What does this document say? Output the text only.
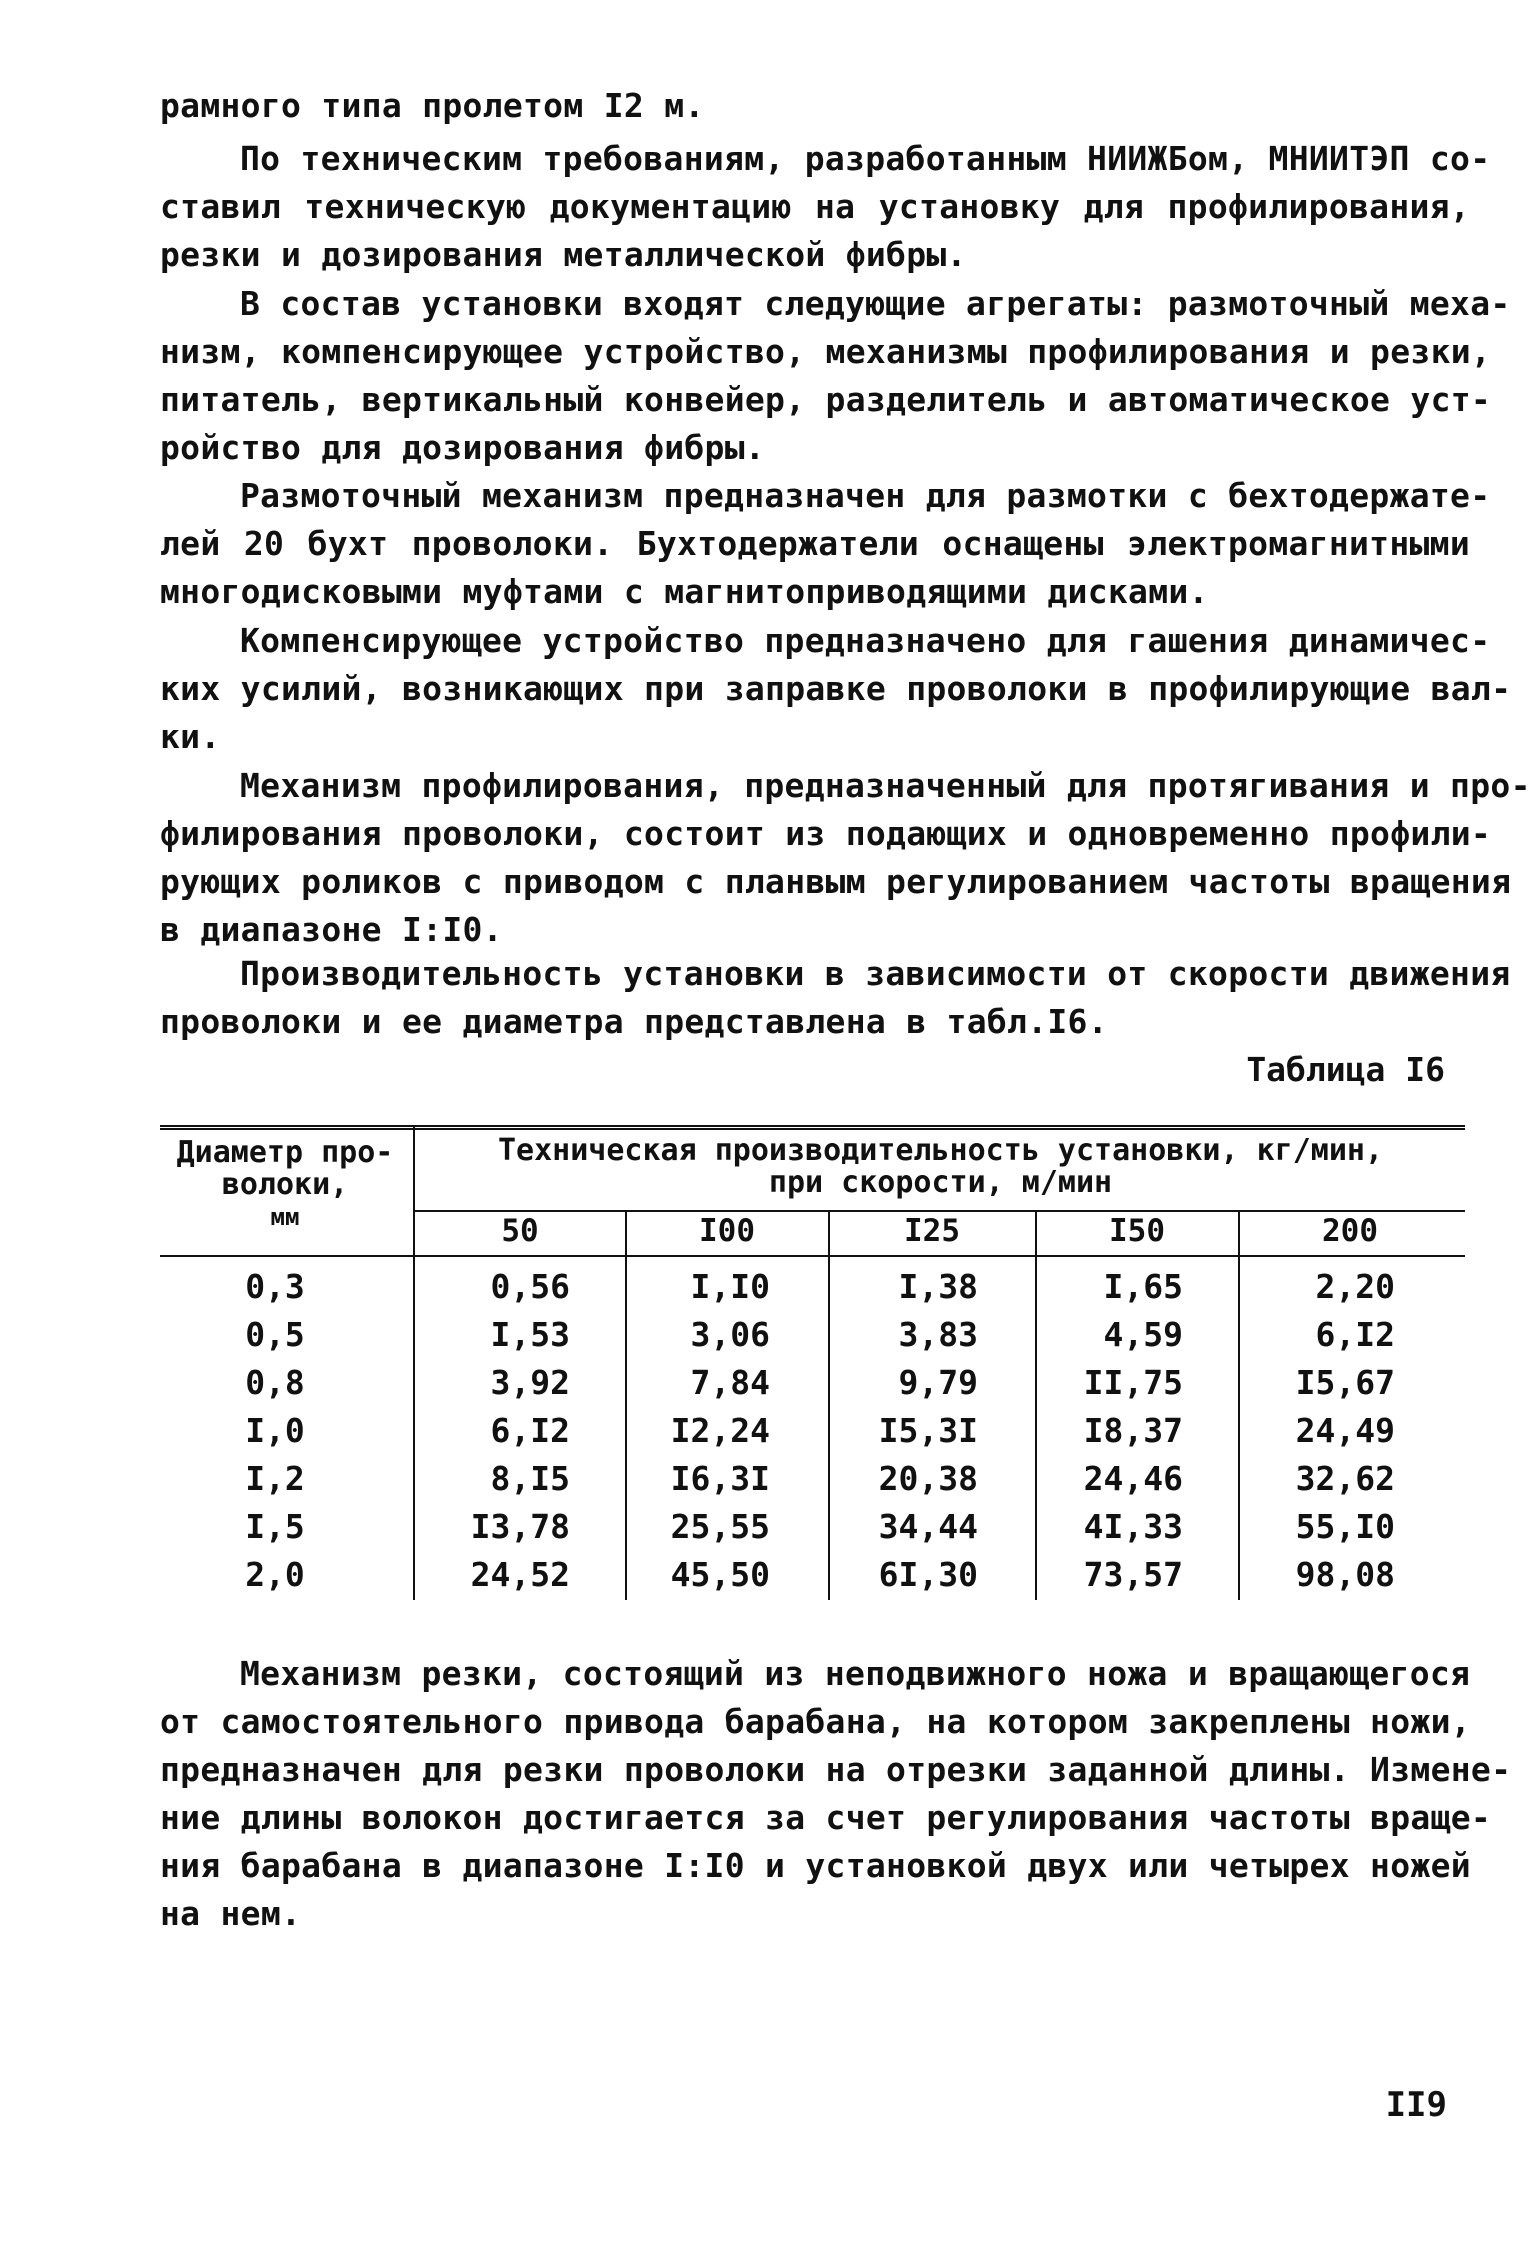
рамного типа пролетом I2 м.
По техническим требованиям, разработанным НИИЖБом, МНИИТЭП со-
ставил техническую документацию на установку для профилирования,
резки и дозирования металлической фибры.
В состав установки входят следующие агрегаты: размоточный меха-
низм, компенсирующее устройство, механизмы профилирования и резки,
питатель, вертикальный конвейер, разделитель и автоматическое уст-
ройство для дозирования фибры.
Размоточный механизм предназначен для размотки с бехтодержате-
лей 20 бухт проволоки. Бухтодержатели оснащены электромагнитными
многодисковыми муфтами с магнитоприводящими дисками.
Компенсирующее устройство предназначено для гашения динамичес-
ких усилий, возникающих при заправке проволоки в профилирующие вал-
ки.
Механизм профилирования, предназначенный для протягивания и про-
филирования проволоки, состоит из подающих и одновременно профили-
рующих роликов с приводом с планвым регулированием частоты вращения
в диапазоне I:I0.
Производительность установки в зависимости от скорости движения
проволоки и ее диаметра представлена в табл.I6.
Таблица I6
Диаметр про-
волоки,
мм
Техническая производительность установки, кг/мин,
при скорости, м/мин
50	I00	I25	I50	200
0,3	0,56	I,I0	I,38	I,65	2,20
0,5	I,53	3,06	3,83	4,59	6,I2
0,8	3,92	7,84	9,79	II,75	I5,67
I,0	6,I2	I2,24	I5,3I	I8,37	24,49
I,2	8,I5	I6,3I	20,38	24,46	32,62
I,5	I3,78	25,55	34,44	4I,33	55,I0
2,0	24,52	45,50	6I,30	73,57	98,08
Механизм резки, состоящий из неподвижного ножа и вращающегося
от самостоятельного привода барабана, на котором закреплены ножи,
предназначен для резки проволоки на отрезки заданной длины. Измене-
ние длины волокон достигается за счет регулирования частоты враще-
ния барабана в диапазоне I:I0 и установкой двух или четырех ножей
на нем.
II9
